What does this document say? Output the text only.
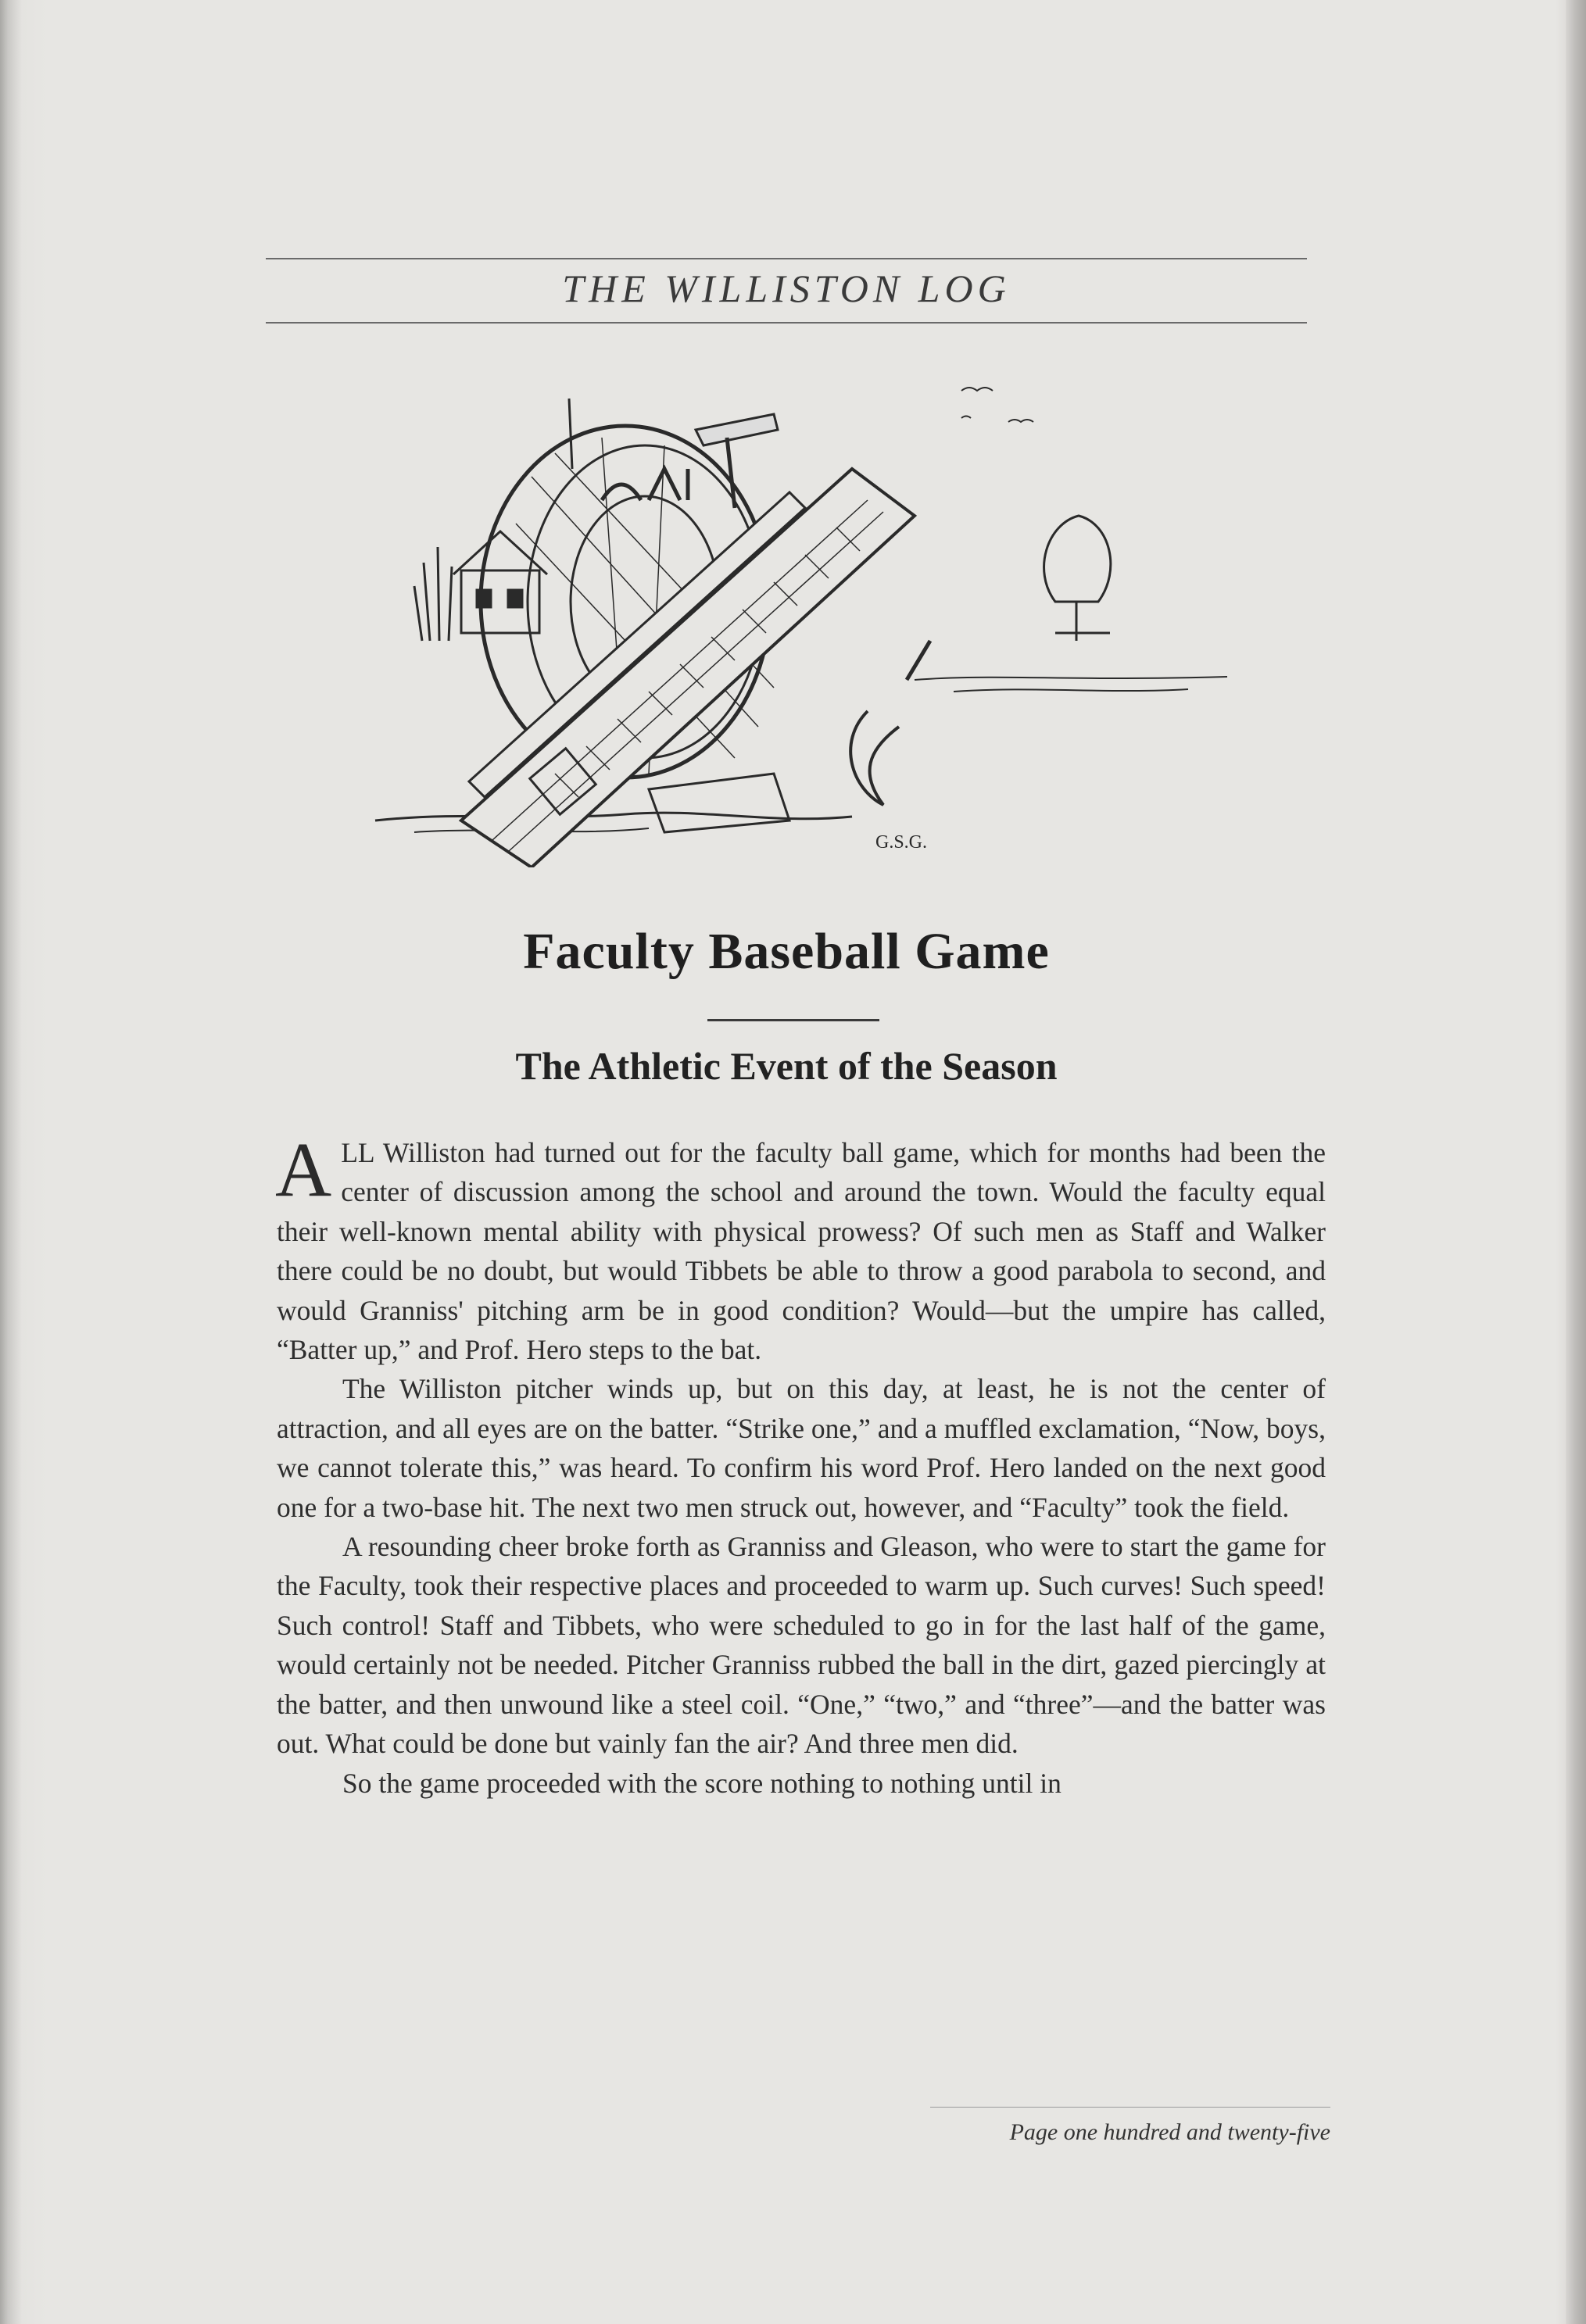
THE WILLISTON LOG
G.S.G.
Faculty Baseball Game
The Athletic Event of the Season

ALL Williston had turned out for the faculty ball game, which for months had been the center of discussion among the school and around the town. Would the faculty equal their well-known mental ability with physical prowess? Of such men as Staff and Walker there could be no doubt, but would Tibbets be able to throw a good parabola to second, and would Granniss' pitching arm be in good condition? Would—but the umpire has called, “Batter up,” and Prof. Hero steps to the bat.

The Williston pitcher winds up, but on this day, at least, he is not the center of attraction, and all eyes are on the batter. “Strike one,” and a muffled exclamation, “Now, boys, we cannot tolerate this,” was heard. To confirm his word Prof. Hero landed on the next good one for a two-base hit. The next two men struck out, however, and “Faculty” took the field.

A resounding cheer broke forth as Granniss and Gleason, who were to start the game for the Faculty, took their respective places and proceeded to warm up. Such curves! Such speed! Such control! Staff and Tibbets, who were scheduled to go in for the last half of the game, would certainly not be needed. Pitcher Granniss rubbed the ball in the dirt, gazed piercingly at the batter, and then unwound like a steel coil. “One,” “two,” and “three”—and the batter was out. What could be done but vainly fan the air? And three men did.

So the game proceeded with the score nothing to nothing until in

Page one hundred and twenty-five
